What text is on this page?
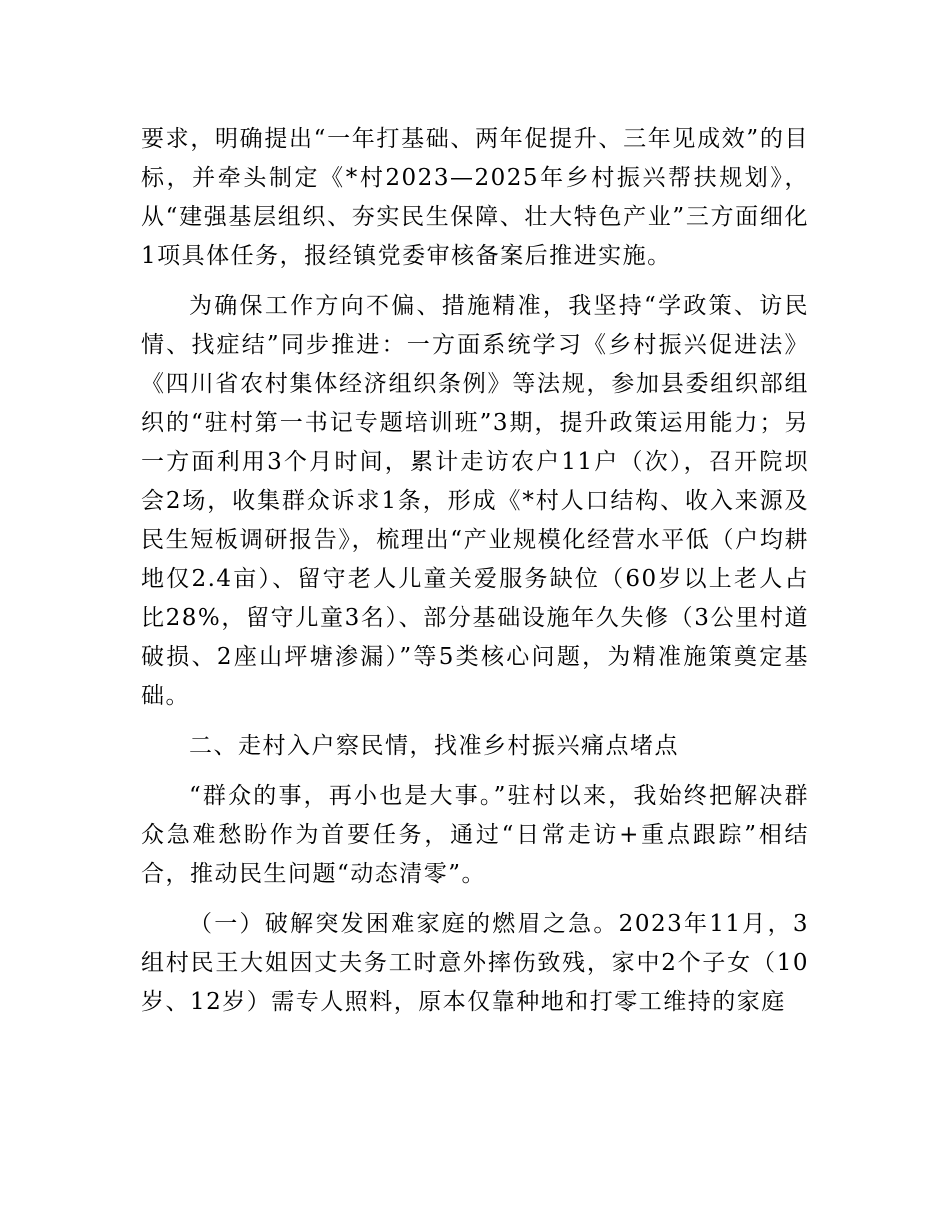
要求，明确提出“一年打基础、两年促提升、三年见成效”的目标，并牵头制定《*村2023—2025年乡村振兴帮扶规划》，从“建强基层组织、夯实民生保障、壮大特色产业”三方面细化1项具体任务，报经镇党委审核备案后推进实施。

为确保工作方向不偏、措施精准，我坚持“学政策、访民情、找症结”同步推进：一方面系统学习《乡村振兴促进法》《四川省农村集体经济组织条例》等法规，参加县委组织部组织的“驻村第一书记专题培训班”3期，提升政策运用能力；另一方面利用3个月时间，累计走访农户11户（次），召开院坝会2场，收集群众诉求1条，形成《*村人口结构、收入来源及民生短板调研报告》，梳理出“产业规模化经营水平低（户均耕地仅2.4亩）、留守老人儿童关爱服务缺位（60岁以上老人占比28%，留守儿童3名）、部分基础设施年久失修（3公里村道破损、2座山坪塘渗漏）”等5类核心问题，为精准施策奠定基础。

二、走村入户察民情，找准乡村振兴痛点堵点

“群众的事，再小也是大事。”驻村以来，我始终把解决群众急难愁盼作为首要任务，通过“日常走访+重点跟踪”相结合，推动民生问题“动态清零”。

（一）破解突发困难家庭的燃眉之急。2023年11月，3组村民王大姐因丈夫务工时意外摔伤致残，家中2个子女（10岁、12岁）需专人照料，原本仅靠种地和打零工维持的家庭
